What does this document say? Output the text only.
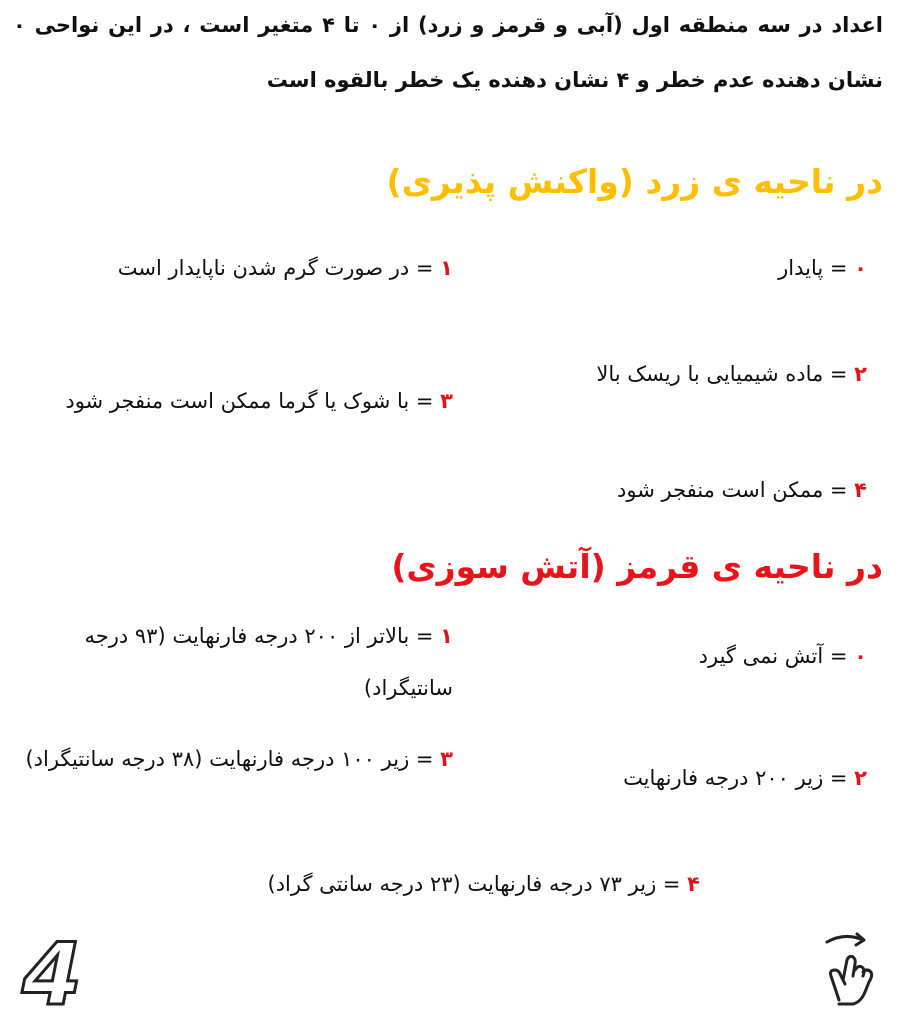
اعداد در سه منطقه اول (آبی و قرمز و زرد) از ۰ تا ۴ متغیر است ، در این نواحی ۰ نشان دهنده عدم خطر و ۴ نشان دهنده یک خطر بالقوه است
در ناحیه ی زرد (واکنش پذیری)
۰ = پایدار
۱ = در صورت گرم شدن ناپایدار است
۲ = ماده شیمیایی با ریسک بالا
۳ = با شوک یا گرما ممکن است منفجر شود
۴ = ممکن است منفجر شود
در ناحیه ی قرمز (آتش سوزی)
۰ = آتش نمی گیرد
۱ = بالاتر از ۲۰۰ درجه فارنهایت (۹۳ درجه سانتیگراد)
۲ = زیر ۲۰۰ درجه فارنهایت
۳ = زیر ۱۰۰ درجه فارنهایت (۳۸ درجه سانتیگراد)
۴ = زیر ۷۳ درجه فارنهایت (۲۳ درجه سانتی گراد)
4
